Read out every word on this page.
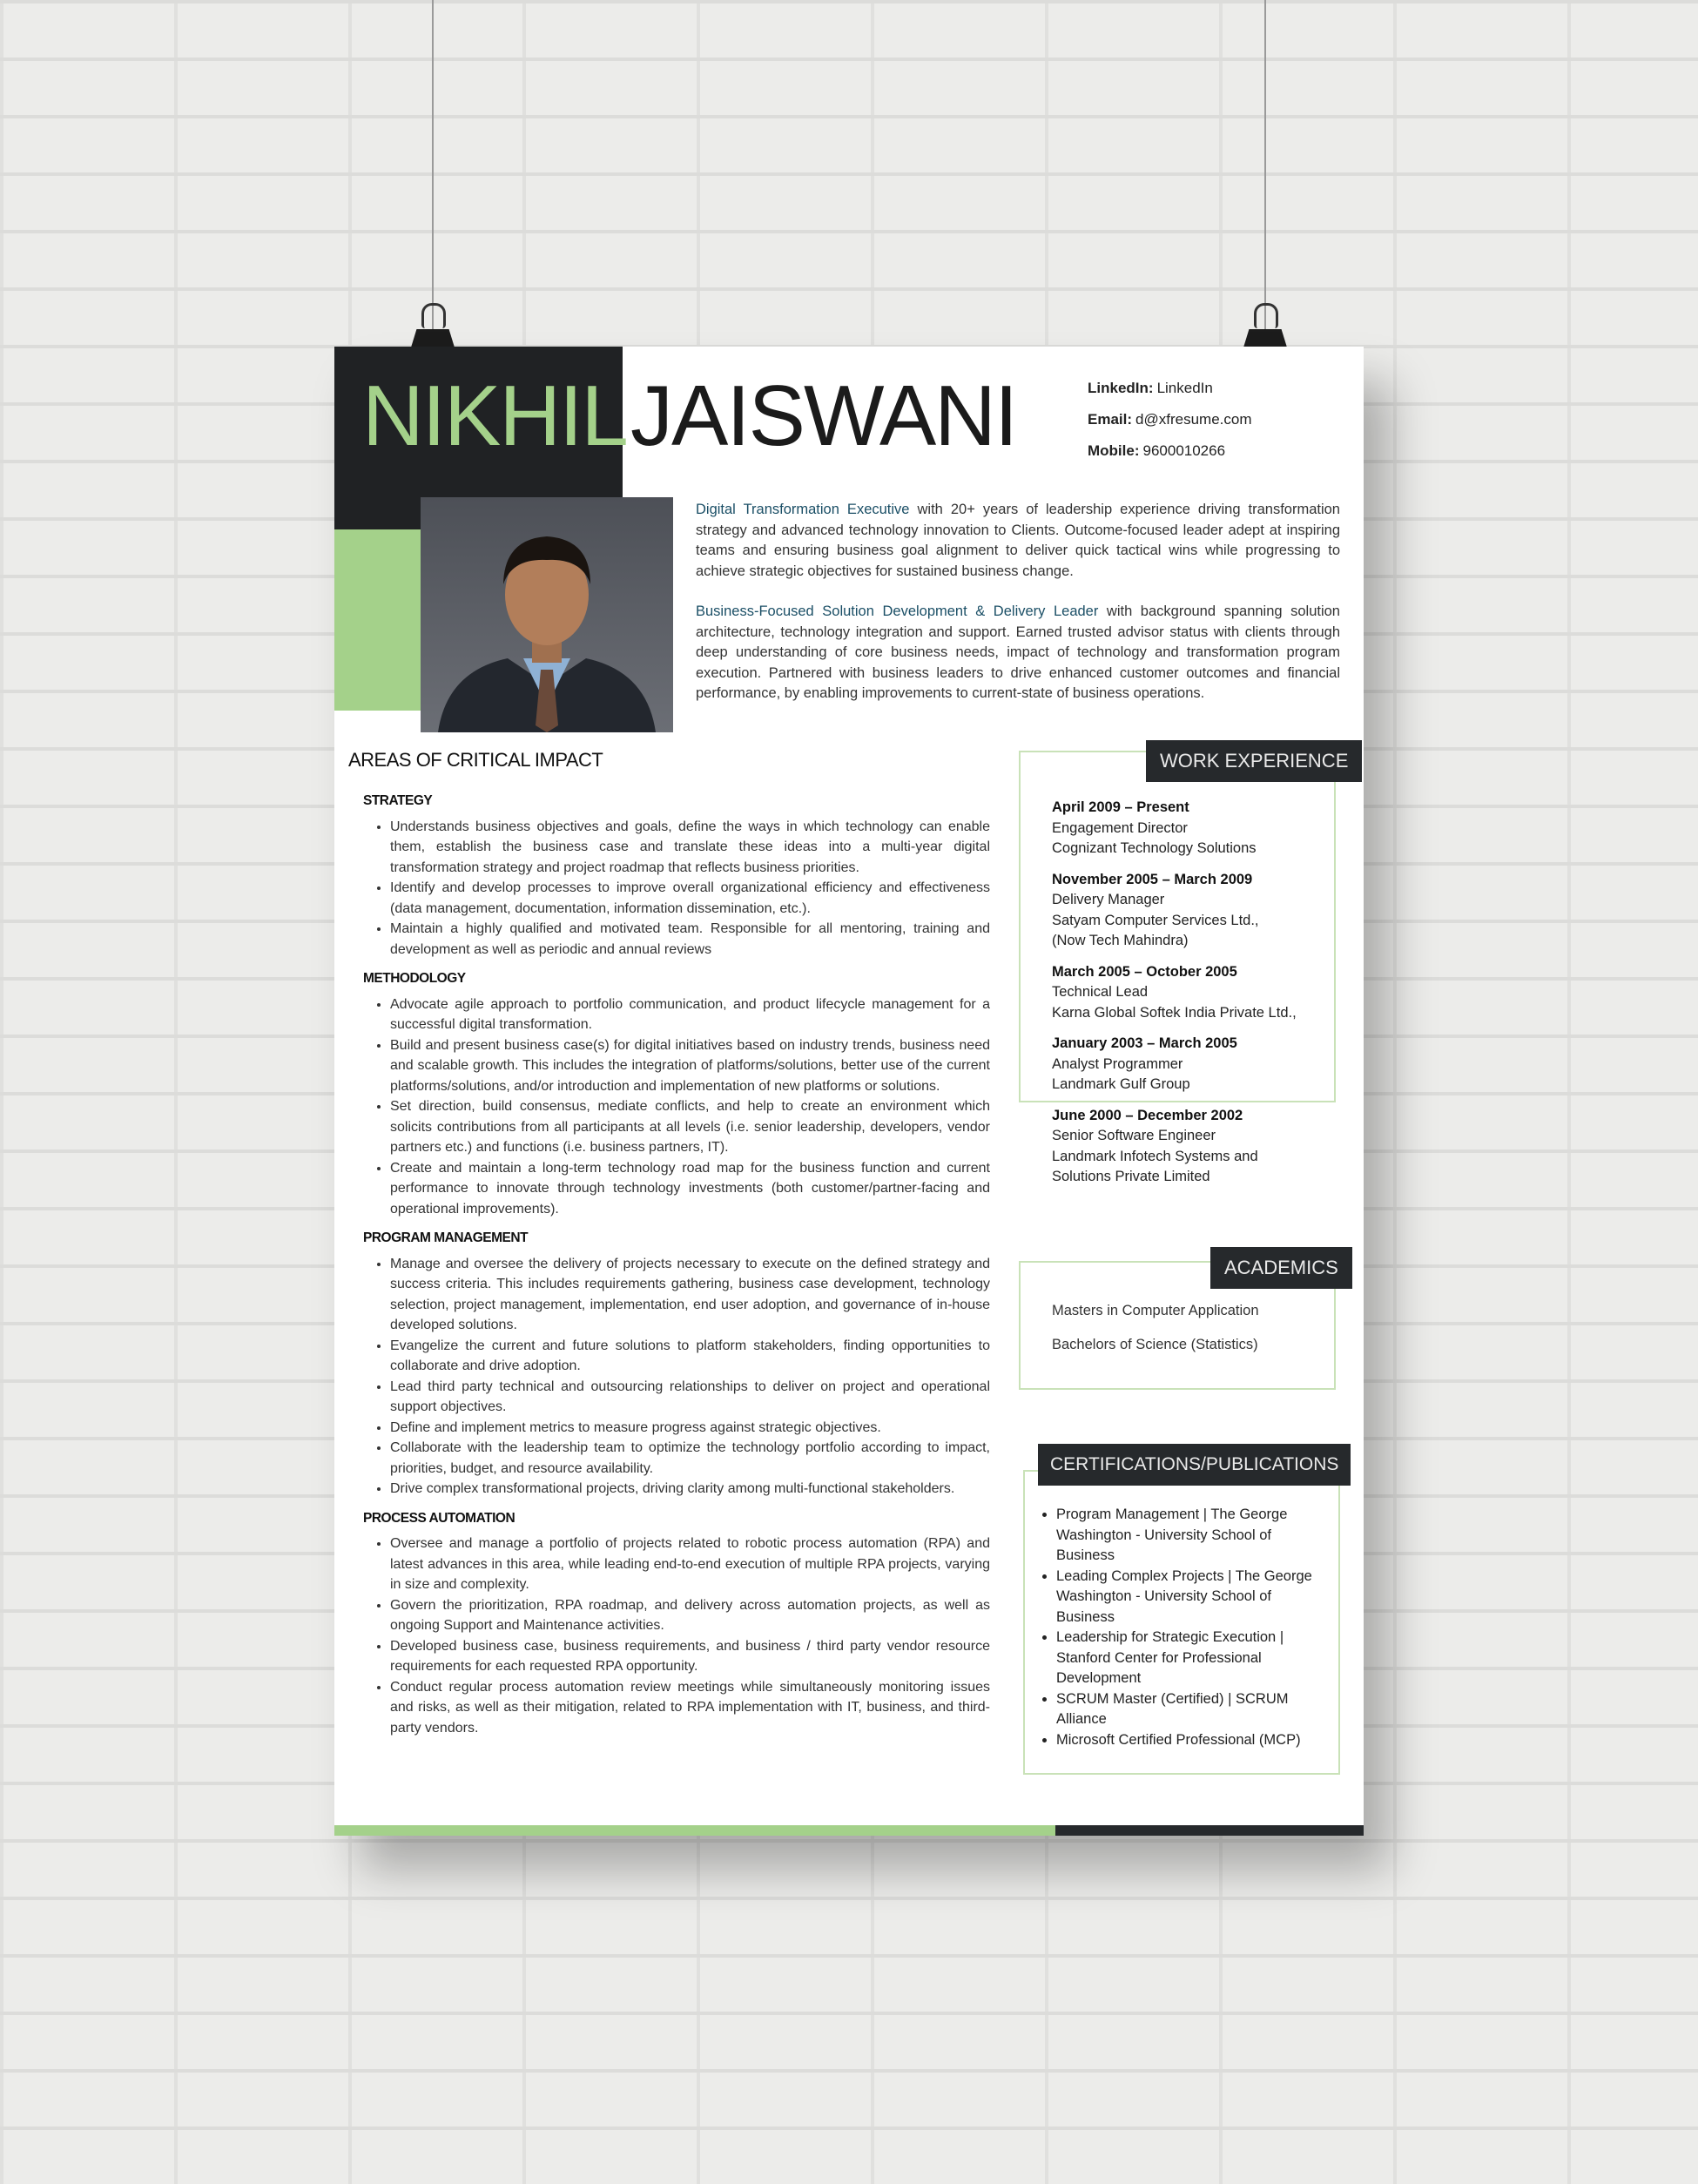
NIKHIL JAISWANI	LinkedIn: LinkedIn
Email: d@xfresume.com
Mobile: 9600010266

Digital Transformation Executive with 20+ years of leadership experience driving transformation strategy and advanced technology innovation to Clients. Outcome-focused leader adept at inspiring teams and ensuring business goal alignment to deliver quick tactical wins while progressing to achieve strategic objectives for sustained business change.

Business-Focused Solution Development & Delivery Leader with background spanning solution architecture, technology integration and support. Earned trusted advisor status with clients through deep understanding of core business needs, impact of technology and transformation program execution. Partnered with business leaders to drive enhanced customer outcomes and financial performance, by enabling improvements to current-state of business operations.

AREAS OF CRITICAL IMPACT
STRATEGY
• Understands business objectives and goals, define the ways in which technology can enable them, establish the business case and translate these ideas into a multi-year digital transformation strategy and project roadmap that reflects business priorities.
• Identify and develop processes to improve overall organizational efficiency and effectiveness (data management, documentation, information dissemination, etc.).
• Maintain a highly qualified and motivated team. Responsible for all mentoring, training and development as well as periodic and annual reviews
METHODOLOGY
• Advocate agile approach to portfolio communication, and product lifecycle management for a successful digital transformation.
• Build and present business case(s) for digital initiatives based on industry trends, business need and scalable growth. This includes the integration of platforms/solutions, better use of the current platforms/solutions, and/or introduction and implementation of new platforms or solutions.
• Set direction, build consensus, mediate conflicts, and help to create an environment which solicits contributions from all participants at all levels (i.e. senior leadership, developers, vendor partners etc.) and functions (i.e. business partners, IT).
• Create and maintain a long-term technology road map for the business function and current performance to innovate through technology investments (both customer/partner-facing and operational improvements).
PROGRAM MANAGEMENT
• Manage and oversee the delivery of projects necessary to execute on the defined strategy and success criteria. This includes requirements gathering, business case development, technology selection, project management, implementation, end user adoption, and governance of in-house developed solutions.
• Evangelize the current and future solutions to platform stakeholders, finding opportunities to collaborate and drive adoption.
• Lead third party technical and outsourcing relationships to deliver on project and operational support objectives.
• Define and implement metrics to measure progress against strategic objectives.
• Collaborate with the leadership team to optimize the technology portfolio according to impact, priorities, budget, and resource availability.
• Drive complex transformational projects, driving clarity among multi-functional stakeholders.
PROCESS AUTOMATION
• Oversee and manage a portfolio of projects related to robotic process automation (RPA) and latest advances in this area, while leading end-to-end execution of multiple RPA projects, varying in size and complexity.
• Govern the prioritization, RPA roadmap, and delivery across automation projects, as well as ongoing Support and Maintenance activities.
• Developed business case, business requirements, and business / third party vendor resource requirements for each requested RPA opportunity.
• Conduct regular process automation review meetings while simultaneously monitoring issues and risks, as well as their mitigation, related to RPA implementation with IT, business, and third-party vendors.
April 2009 – Present
Engagement Director
Cognizant Technology Solutions
November 2005 – March 2009
Delivery Manager
Satyam Computer Services Ltd., (Now Tech Mahindra)
March 2005 – October 2005
Technical Lead
Karna Global Softek India Private Ltd.,
January 2003 – March 2005
Analyst Programmer
Landmark Gulf Group
June 2000 – December 2002
Senior Software Engineer
Landmark Infotech Systems and Solutions Private Limited
WORK EXPERIENCE
Masters in Computer Application
Bachelors of Science (Statistics)
ACADEMICS
• Program Management | The George Washington - University School of Business
• Leading Complex Projects | The George Washington - University School of Business
• Leadership for Strategic Execution | Stanford Center for Professional Development
• SCRUM Master (Certified) | SCRUM Alliance
• Microsoft Certified Professional (MCP)
CERTIFICATIONS/PUBLICATIONS
